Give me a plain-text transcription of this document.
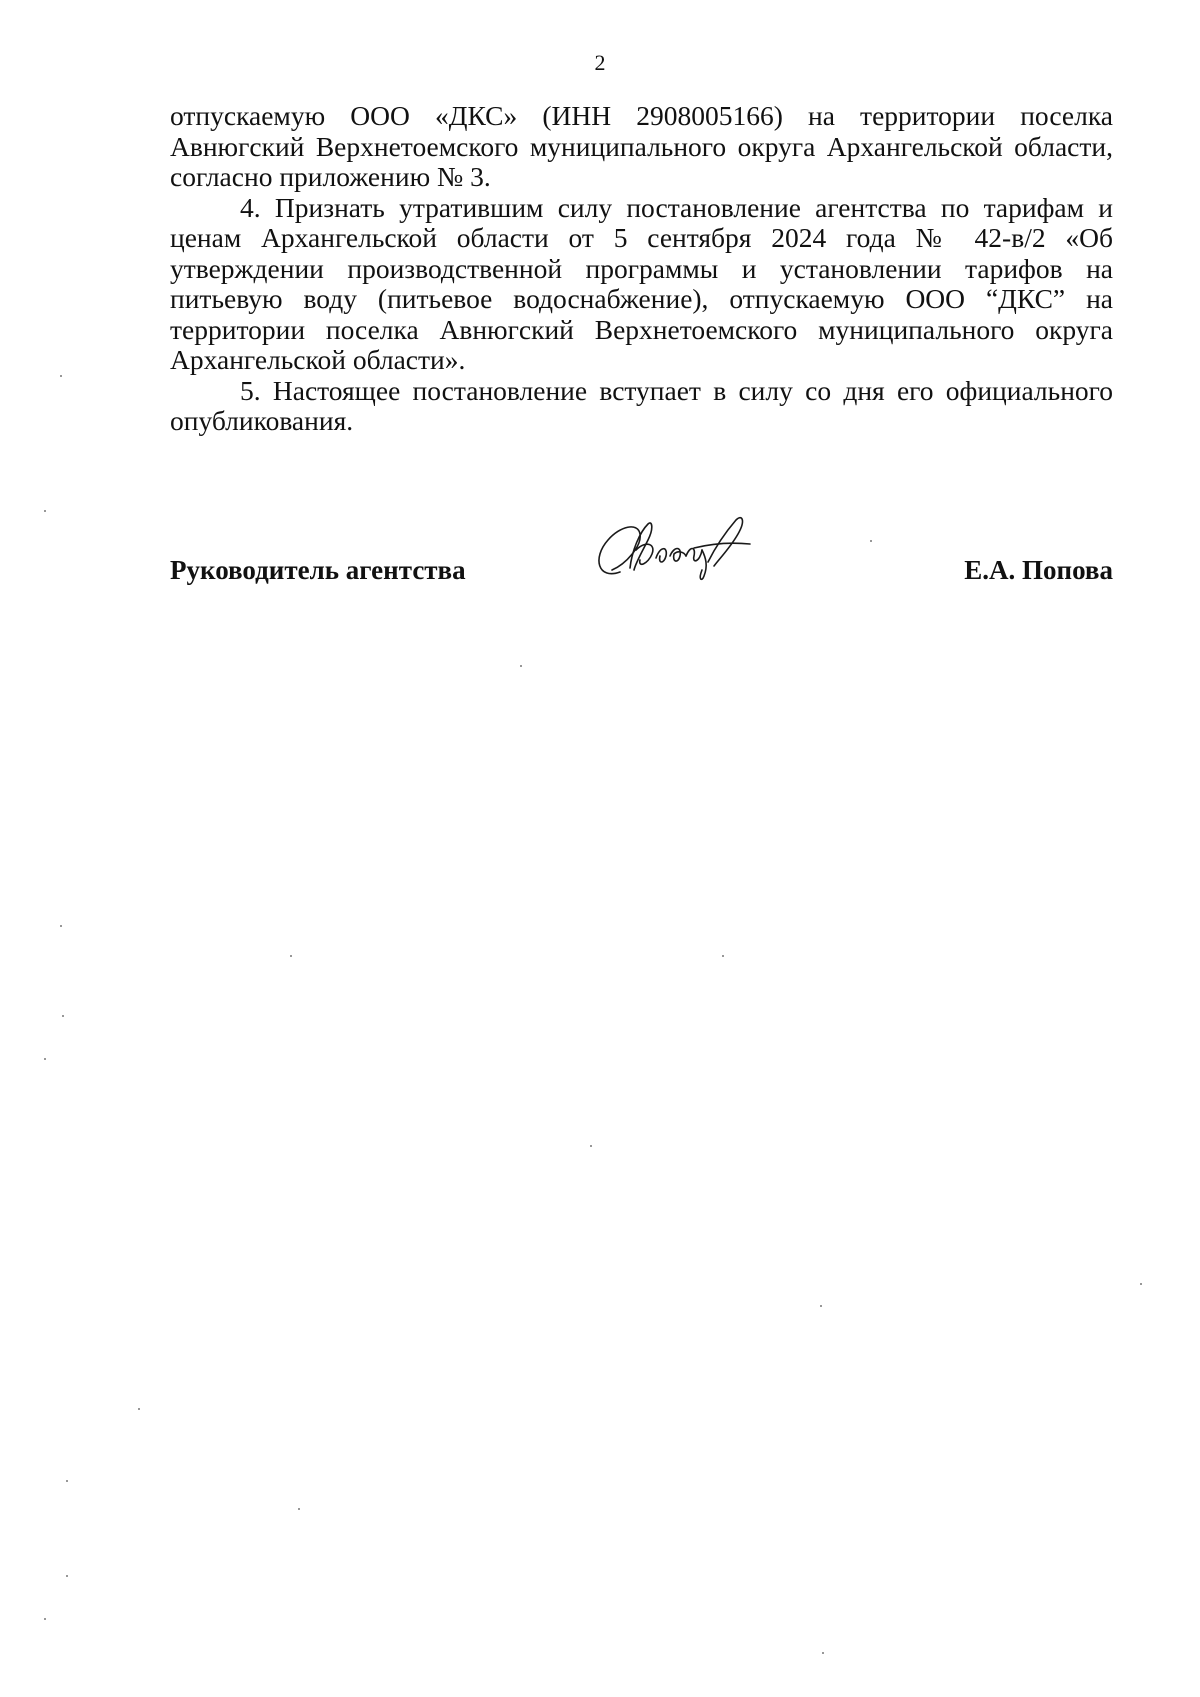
2

отпускаемую ООО «ДКС» (ИНН 2908005166) на территории поселка Авнюгский Верхнетоемского муниципального округа Архангельской области, согласно приложению № 3.

4. Признать утратившим силу постановление агентства по тарифам и ценам Архангельской области от 5 сентября 2024 года № 42-в/2 «Об утверждении производственной программы и установлении тарифов на питьевую воду (питьевое водоснабжение), отпускаемую ООО “ДКС” на территории поселка Авнюгский Верхнетоемского муниципального округа Архангельской области».

5. Настоящее постановление вступает в силу со дня его официального опубликования.

Руководитель агентства	Е.А. Попова
